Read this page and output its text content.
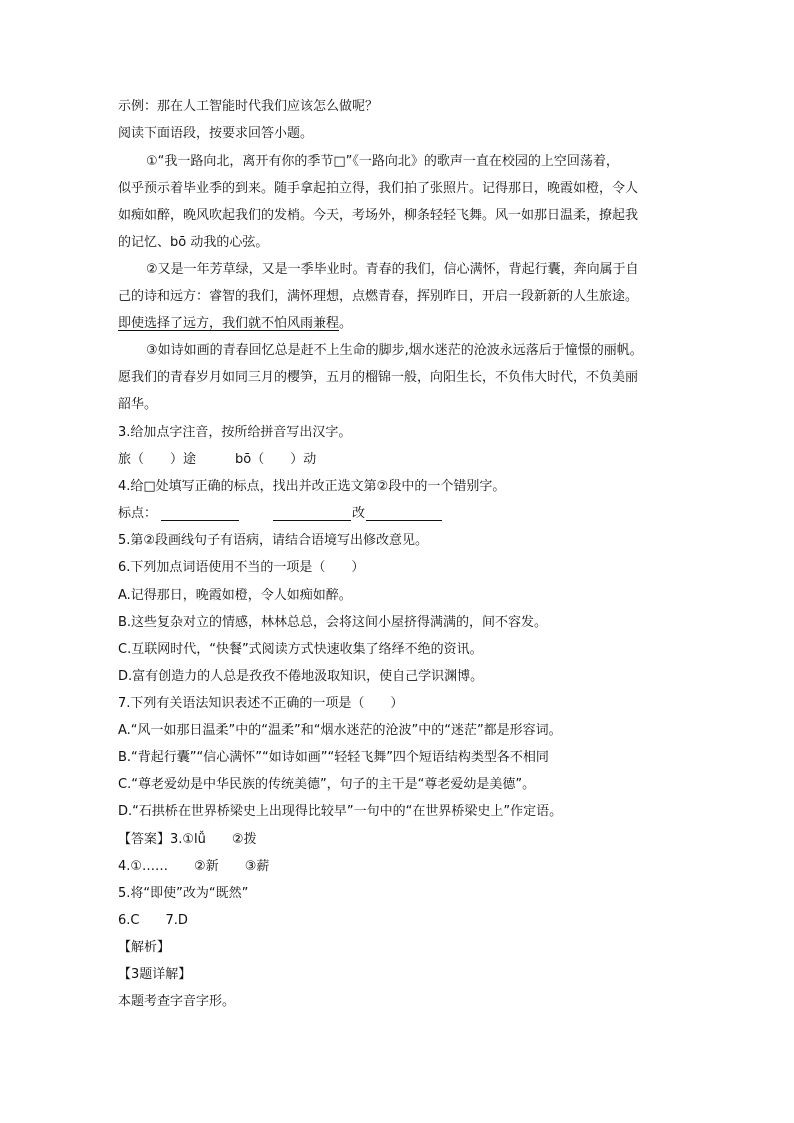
示例：那在人工智能时代我们应该怎么做呢？
阅读下面语段，按要求回答小题。
①“我一路向北，离开有你的季节□”《一路向北》的歌声一直在校园的上空回荡着，
似乎预示着毕业季的到来。随手拿起拍立得，我们拍了张照片。记得那日，晚霞如橙，令人
如痴如醉，晚风吹起我们的发梢。今天，考场外，柳条轻轻飞舞。风一如那日温柔，撩起我
的记忆、bō 动我的心弦。
②又是一年芳草绿，又是一季毕业时。青春的我们，信心满怀，背起行囊，奔向属于自
己的诗和远方：睿智的我们，满怀理想，点燃青春，挥别昨日，开启一段新新的人生旅途。
即使选择了远方，我们就不怕风雨兼程。
③如诗如画的青春回忆总是赶不上生命的脚步,烟水迷茫的沧波永远落后于憧憬的丽帆。
愿我们的青春岁月如同三月的樱笋，五月的榴锦一般，向阳生长，不负伟大时代，不负美丽
韶华。
3.给加点字注音，按所给拼音写出汉字。
旅（　　）途　　　bō（　　）动
4.给□处填写正确的标点，找出并改正选文第②段中的一个错别字。
标点：	改
5.第②段画线句子有语病，请结合语境写出修改意见。
6.下列加点词语使用不当的一项是（　　）
A.记得那日，晚霞如橙，令人如痴如醉。
B.这些复杂对立的情感，林林总总，会将这间小屋挤得满满的，间不容发。
C.互联网时代，“快餐”式阅读方式快速收集了络绎不绝的资讯。
D.富有创造力的人总是孜孜不倦地汲取知识，使自己学识渊博。
7.下列有关语法知识表述不正确的一项是（　　）
A.“风一如那日温柔”中的“温柔”和“烟水迷茫的沧波”中的“迷茫”都是形容词。
B.“背起行囊”“信心满怀”“如诗如画”“轻轻飞舞”四个短语结构类型各不相同
C.“尊老爱幼是中华民族的传统美德”，句子的主干是“尊老爱幼是美德”。
D.“石拱桥在世界桥梁史上出现得比较早”一句中的“在世界桥梁史上”作定语。
【答案】3.①lǚ　　②拨
4.①……　　②新　　③薪
5.将“即使”改为“既然”
6.C　　7.D
【解析】
【3题详解】
本题考查字音字形。
